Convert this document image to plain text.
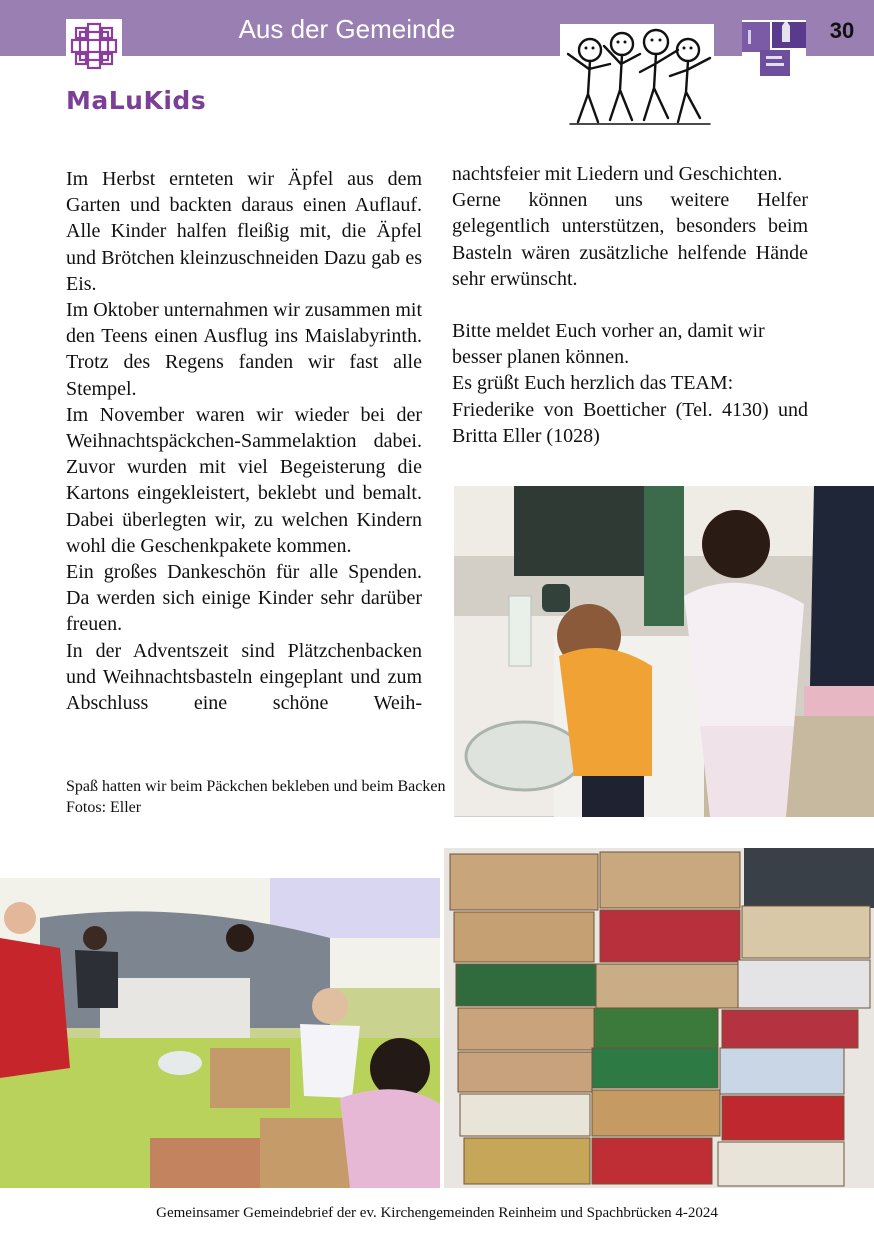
Aus der Gemeinde	30
MaLuKids

Im Herbst ernteten wir Äpfel aus dem Garten und backten daraus einen Auflauf. Alle Kinder halfen fleißig mit, die Äpfel und Brötchen kleinzuschneiden Dazu gab es Eis.

Im Oktober unternahmen wir zusammen mit den Teens einen Ausflug ins Maislabyrinth. Trotz des Regens fanden wir fast alle Stempel.

Im November waren wir wieder bei der Weihnachtspäckchen-Sammelaktion dabei. Zuvor wurden mit viel Begeisterung die Kartons eingekleistert, beklebt und bemalt. Dabei überlegten wir, zu welchen Kindern wohl die Geschenkpakete kommen.

Ein großes Dankeschön für alle Spenden. Da werden sich einige Kinder sehr darüber freuen.

In der Adventszeit sind Plätzchenbacken und Weihnachtsbasteln eingeplant und zum Abschluss eine schöne Weih-

nachtsfeier mit Liedern und Geschichten.

Gerne können uns weitere Helfer gelegentlich unterstützen, besonders beim Basteln wären zusätzliche helfende Hände sehr erwünscht.

Bitte meldet Euch vorher an, damit wir besser planen können.

Es grüßt Euch herzlich das TEAM:

Friederike von Boetticher (Tel. 4130) und Britta Eller (1028)

Spaß hatten wir beim Päckchen bekleben und beim Backen
Fotos: Eller
Gemeinsamer Gemeindebrief der ev. Kirchengemeinden Reinheim und Spachbrücken 4-2024
